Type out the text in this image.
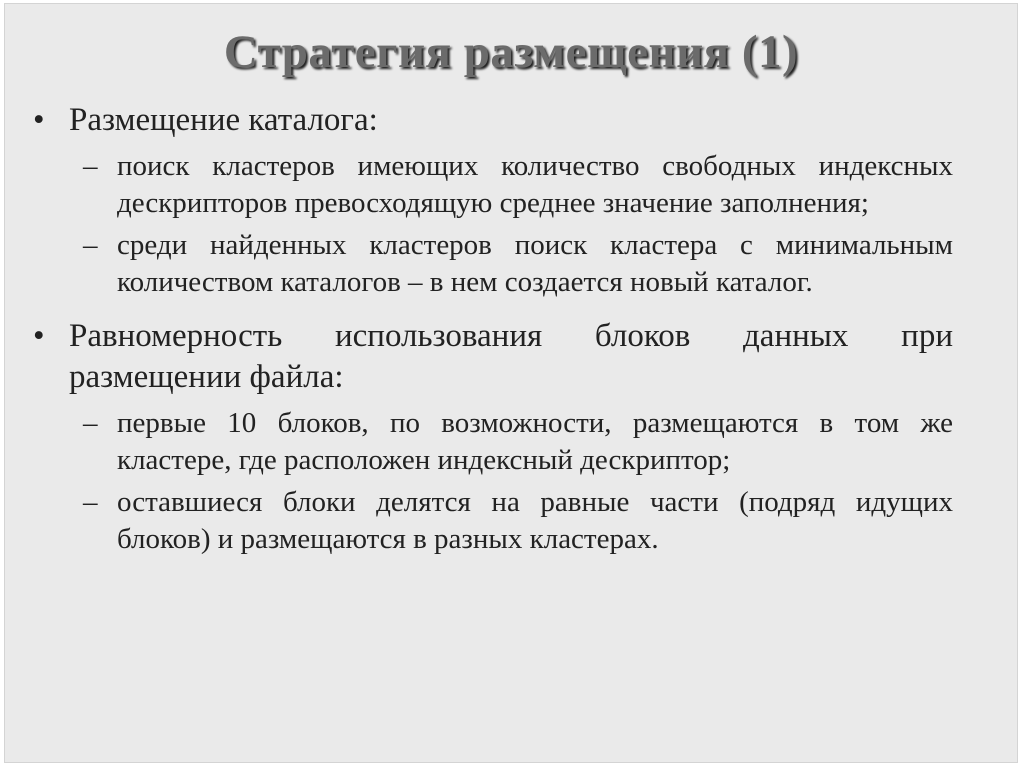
Стратегия размещения (1)
• Размещение каталога:
– поиск кластеров имеющих количество свободных индексных дескрипторов превосходящую среднее значение заполнения;
– среди найденных кластеров поиск кластера с минимальным количеством каталогов – в нем создается новый каталог.
• Равномерность использования блоков данных при размещении файла:
– первые 10 блоков, по возможности, размещаются в том же кластере, где расположен индексный дескриптор;
– оставшиеся блоки делятся на равные части (подряд идущих блоков) и размещаются в разных кластерах.
